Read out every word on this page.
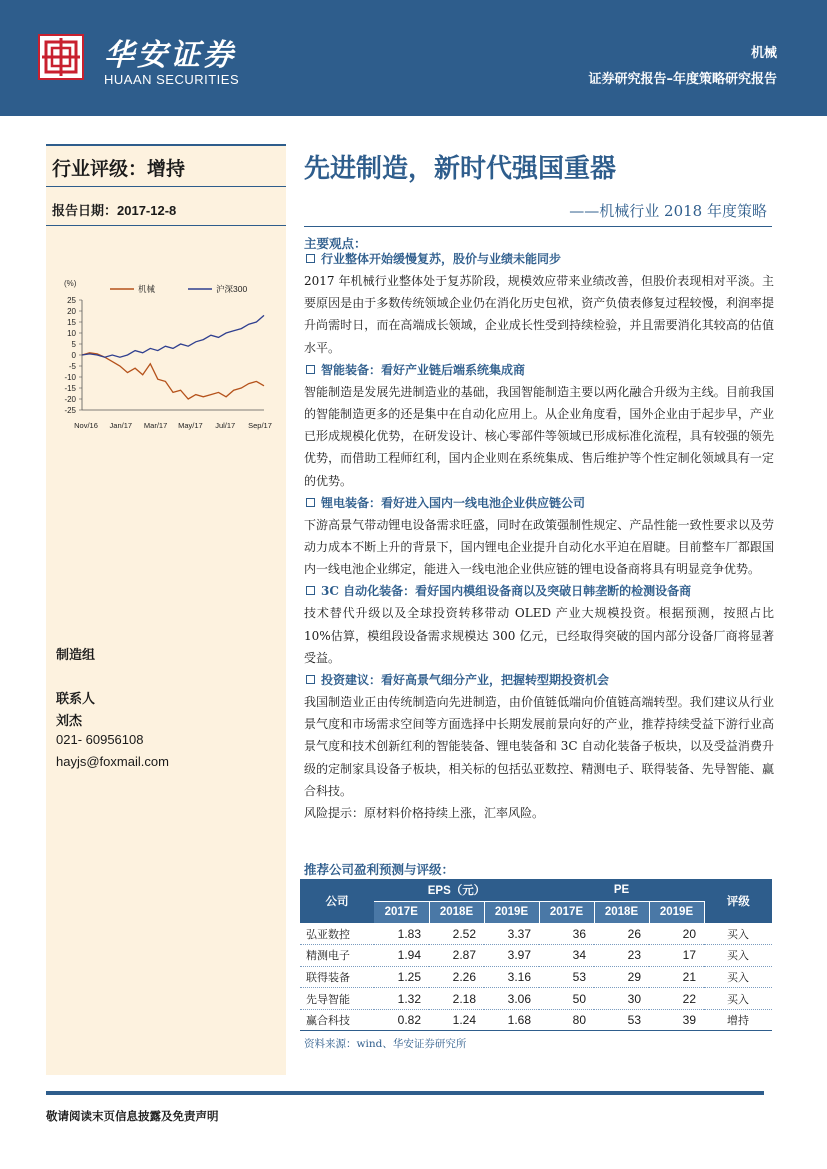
华安证券
HUAAN SECURITIES
机械
证券研究报告–年度策略研究报告
行业评级：增持
报告日期：2017-12-8
(%)
25
20
15
10
5
0
-5
-10
-15
-20
-25
Nov/16 Jan/17 Mar/17 May/17 Jul/17 Sep/17
机械	沪深300
制造组
联系人
刘杰
021- 60956108
hayjs@foxmail.com
先进制造，新时代强国重器
——机械行业 2018 年度策略
主要观点：
行业整体开始缓慢复苏，股价与业绩未能同步
2017 年机械行业整体处于复苏阶段，规模效应带来业绩改善，但股价表现相对平淡。主要原因是由于多数传统领域企业仍在消化历史包袱，资产负债表修复过程较慢，利润率提升尚需时日，而在高端成长领域，企业成长性受到持续检验，并且需要消化其较高的估值水平。
智能装备：看好产业链后端系统集成商
智能制造是发展先进制造业的基础，我国智能制造主要以两化融合升级为主线。目前我国的智能制造更多的还是集中在自动化应用上。从企业角度看，国外企业由于起步早，产业已形成规模化优势，在研发设计、核心零部件等领域已形成标准化流程，具有较强的领先优势，而借助工程师红利，国内企业则在系统集成、售后维护等个性定制化领域具有一定的优势。
锂电装备：看好进入国内一线电池企业供应链公司
下游高景气带动锂电设备需求旺盛，同时在政策强制性规定、产品性能一致性要求以及劳动力成本不断上升的背景下，国内锂电企业提升自动化水平迫在眉睫。目前整车厂都跟国内一线电池企业绑定，能进入一线电池企业供应链的锂电设备商将具有明显竞争优势。
3C 自动化装备：看好国内模组设备商以及突破日韩垄断的检测设备商
技术替代升级以及全球投资转移带动 OLED 产业大规模投资。根据预测，按照占比 10%估算，模组段设备需求规模达 300 亿元，已经取得突破的国内部分设备厂商将显著受益。
投资建议：看好高景气细分产业，把握转型期投资机会
我国制造业正由传统制造向先进制造，由价值链低端向价值链高端转型。我们建议从行业景气度和市场需求空间等方面选择中长期发展前景向好的产业，推荐持续受益下游行业高景气度和技术创新红利的智能装备、锂电装备和 3C 自动化装备子板块，以及受益消费升级的定制家具设备子板块，相关标的包括弘亚数控、精测电子、联得装备、先导智能、赢合科技。
风险提示：原材料价格持续上涨，汇率风险。
推荐公司盈利预测与评级：
公司	EPS（元）			PE			评级
	2017E	2018E	2019E	2017E	2018E	2019E	
弘亚数控	1.83	2.52	3.37	36	26	20	买入
精测电子	1.94	2.87	3.97	34	23	17	买入
联得装备	1.25	2.26	3.16	53	29	21	买入
先导智能	1.32	2.18	3.06	50	30	22	买入
赢合科技	0.82	1.24	1.68	80	53	39	增持
资料来源：wind、华安证券研究所
敬请阅读末页信息披露及免责声明
